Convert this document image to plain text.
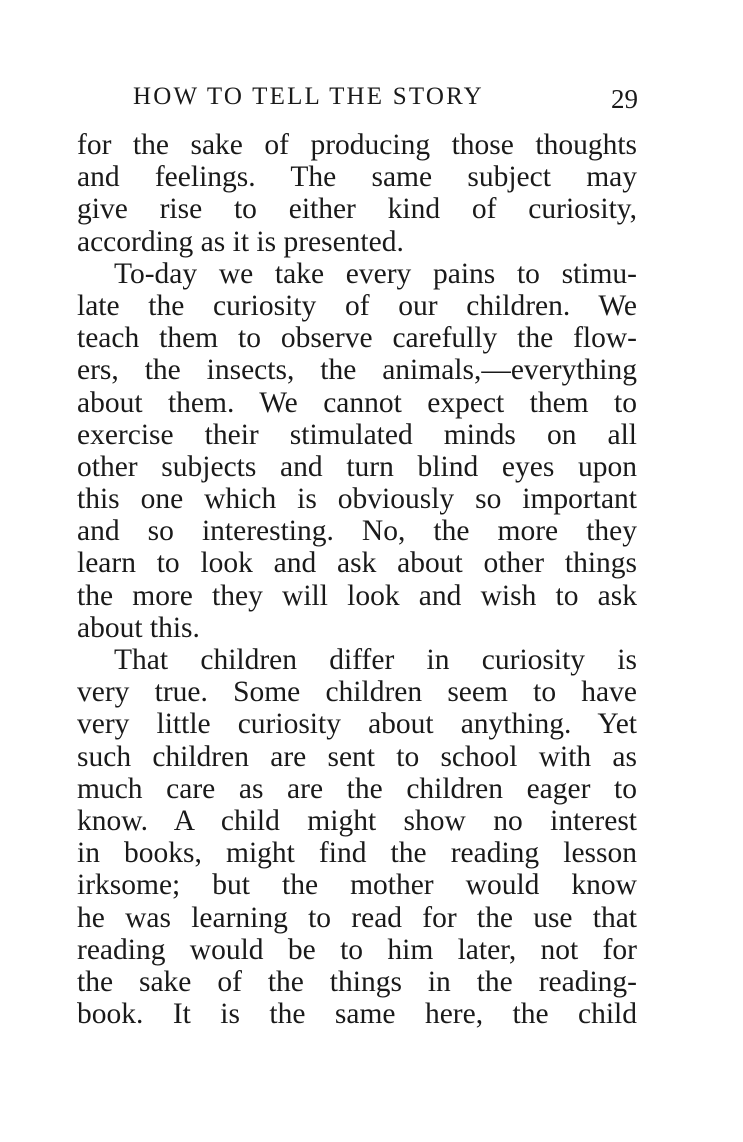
HOW TO TELL THE STORY	29
for the sake of producing those thoughts
and feelings. The same subject may
give rise to either kind of curiosity,
according as it is presented.
To-day we take every pains to stimu-
late the curiosity of our children. We
teach them to observe carefully the flow-
ers, the insects, the animals,—everything
about them. We cannot expect them to
exercise their stimulated minds on all
other subjects and turn blind eyes upon
this one which is obviously so important
and so interesting. No, the more they
learn to look and ask about other things
the more they will look and wish to ask
about this.
That children differ in curiosity is
very true. Some children seem to have
very little curiosity about anything. Yet
such children are sent to school with as
much care as are the children eager to
know. A child might show no interest
in books, might find the reading lesson
irksome; but the mother would know
he was learning to read for the use that
reading would be to him later, not for
the sake of the things in the reading-
book. It is the same here, the child
